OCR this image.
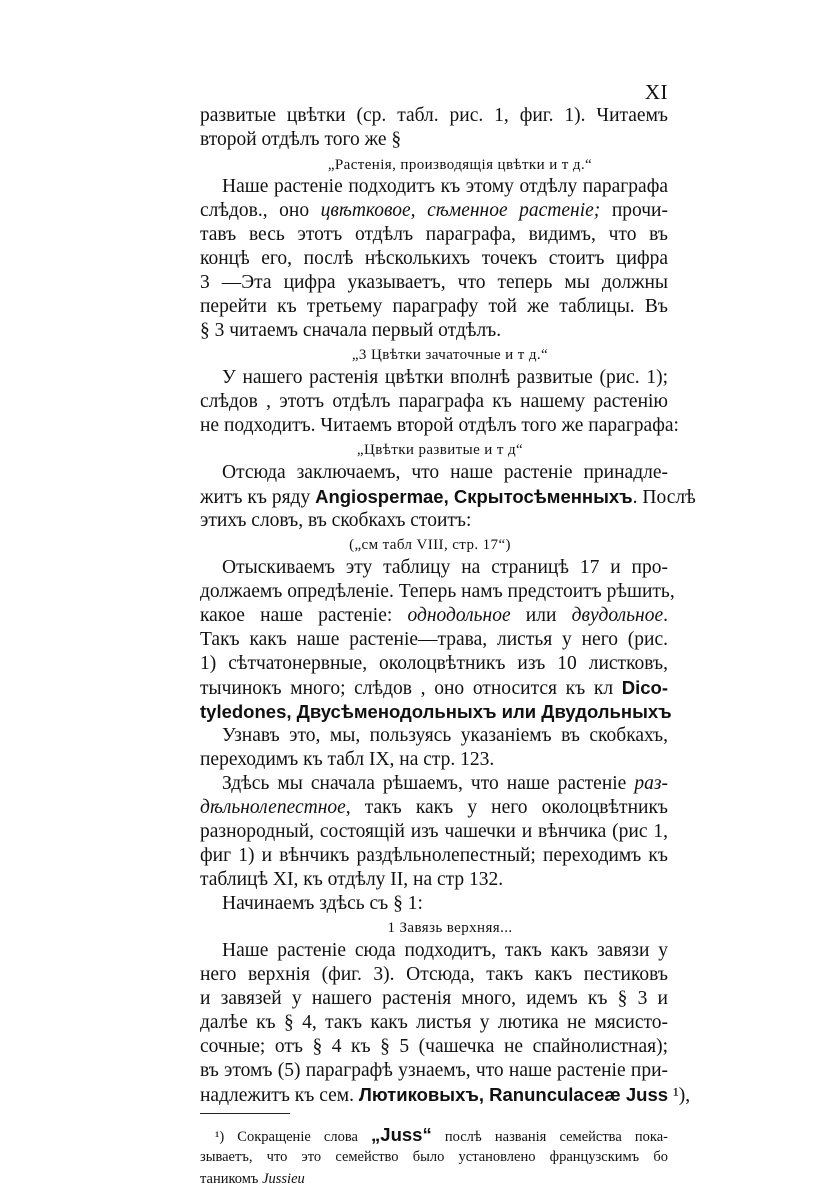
XI
развитые цвѣтки (ср. табл. рис. 1, фиг. 1). Читаемъ
второй отдѣлъ того же §
„Растенія, производящія цвѣтки и т д.“
Наше растеніе подходитъ къ этому отдѣлу параграфа
слѣдов., оно цвѣтковое, сѣменное растеніе; прочи-
тавъ весь этотъ отдѣлъ параграфа, видимъ, что въ
концѣ его, послѣ нѣсколькихъ точекъ стоитъ цифра
3 —Эта цифра указываетъ, что теперь мы должны
перейти къ третьему параграфу той же таблицы. Въ
§ 3 читаемъ сначала первый отдѣлъ.
„3 Цвѣтки зачаточные и т д.“
У нашего растенія цвѣтки вполнѣ развитые (рис. 1);
слѣдов , этотъ отдѣлъ параграфа къ нашему растенію
не подходитъ. Читаемъ второй отдѣлъ того же параграфа:
„Цвѣтки развитые и т д“
Отсюда заключаемъ, что наше растеніе принадле-
житъ къ ряду Angiospermae, Скрытосѣменныхъ. Послѣ
этихъ словъ, въ скобкахъ стоитъ:
(„см табл VIII, стр. 17“)
Отыскиваемъ эту таблицу на страницѣ 17 и про-
должаемъ опредѣленіе. Теперь намъ предстоитъ рѣшить,
какое наше растеніе: однодольное или двудольное.
Такъ какъ наше растеніе—трава, листья у него (рис.
1) сѣтчатонервные, околоцвѣтникъ изъ 10 листковъ,
тычинокъ много; слѣдов , оно относится къ кл Dico-
tyledones, Двусѣменодольныхъ или Двудольныхъ
Узнавъ это, мы, пользуясь указаніемъ въ скобкахъ,
переходимъ къ табл IX, на стр. 123.
Здѣсь мы сначала рѣшаемъ, что наше растеніе раз-
дѣльнолепестное, такъ какъ у него околоцвѣтникъ
разнородный, состоящій изъ чашечки и вѣнчика (рис 1,
фиг 1) и вѣнчикъ раздѣльнолепестный; переходимъ къ
таблицѣ XI, къ отдѣлу II, на стр 132.
Начинаемъ здѣсь съ § 1:
1 Завязь верхняя...
Наше растеніе сюда подходитъ, такъ какъ завязи у
него верхнія (фиг. 3). Отсюда, такъ какъ пестиковъ
и завязей у нашего растенія много, идемъ къ § 3 и
далѣе къ § 4, такъ какъ листья у лютика не мясисто-
сочные; отъ § 4 къ § 5 (чашечка не спайнолистная);
въ этомъ (5) параграфѣ узнаемъ, что наше растеніе при-
надлежитъ къ сем. Лютиковыхъ, Ranunculaceæ Juss ¹),
¹) Сокращеніе слова „Juss“ послѣ названія семейства пока-
зываетъ, что это семейство было установлено французскимъ бо
таникомъ Jussieu
